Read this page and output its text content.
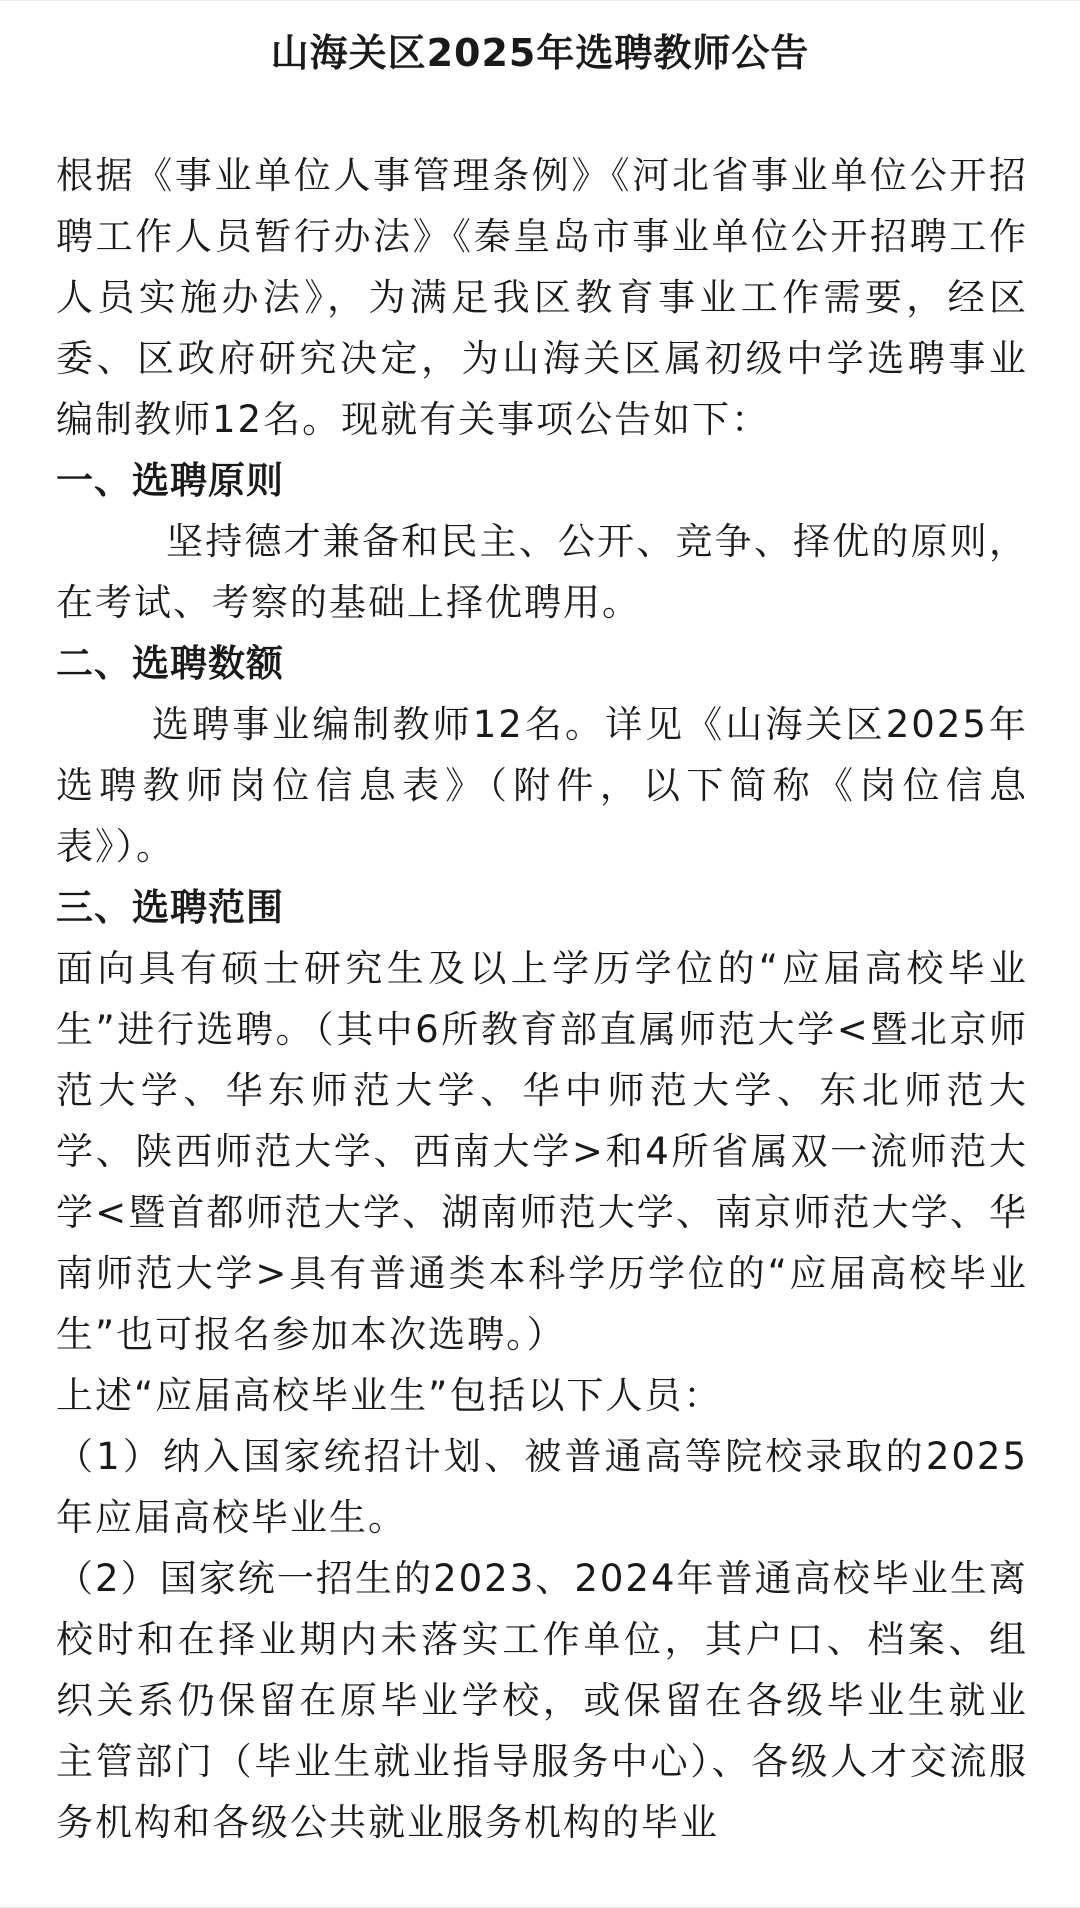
山海关区2025年选聘教师公告

根据《事业单位人事管理条例》《河北省事业单位公开招聘工作人员暂行办法》《秦皇岛市事业单位公开招聘工作人员实施办法》，为满足我区教育事业工作需要，经区委、区政府研究决定，为山海关区属初级中学选聘事业编制教师12名。现就有关事项公告如下：

一、选聘原则

坚持德才兼备和民主、公开、竞争、择优的原则，在考试、考察的基础上择优聘用。

二、选聘数额

选聘事业编制教师12名。详见《山海关区2025年选聘教师岗位信息表》（附件，以下简称《岗位信息表》）。

三、选聘范围

面向具有硕士研究生及以上学历学位的“应届高校毕业生”进行选聘。（其中6所教育部直属师范大学<暨北京师范大学、华东师范大学、华中师范大学、东北师范大学、陕西师范大学、西南大学>和4所省属双一流师范大学<暨首都师范大学、湖南师范大学、南京师范大学、华南师范大学>具有普通类本科学历学位的“应届高校毕业生”也可报名参加本次选聘。）

上述“应届高校毕业生”包括以下人员：

（1）纳入国家统招计划、被普通高等院校录取的2025年应届高校毕业生。

（2）国家统一招生的2023、2024年普通高校毕业生离校时和在择业期内未落实工作单位，其户口、档案、组织关系仍保留在原毕业学校，或保留在各级毕业生就业主管部门（毕业生就业指导服务中心）、各级人才交流服务机构和各级公共就业服务机构的毕业
